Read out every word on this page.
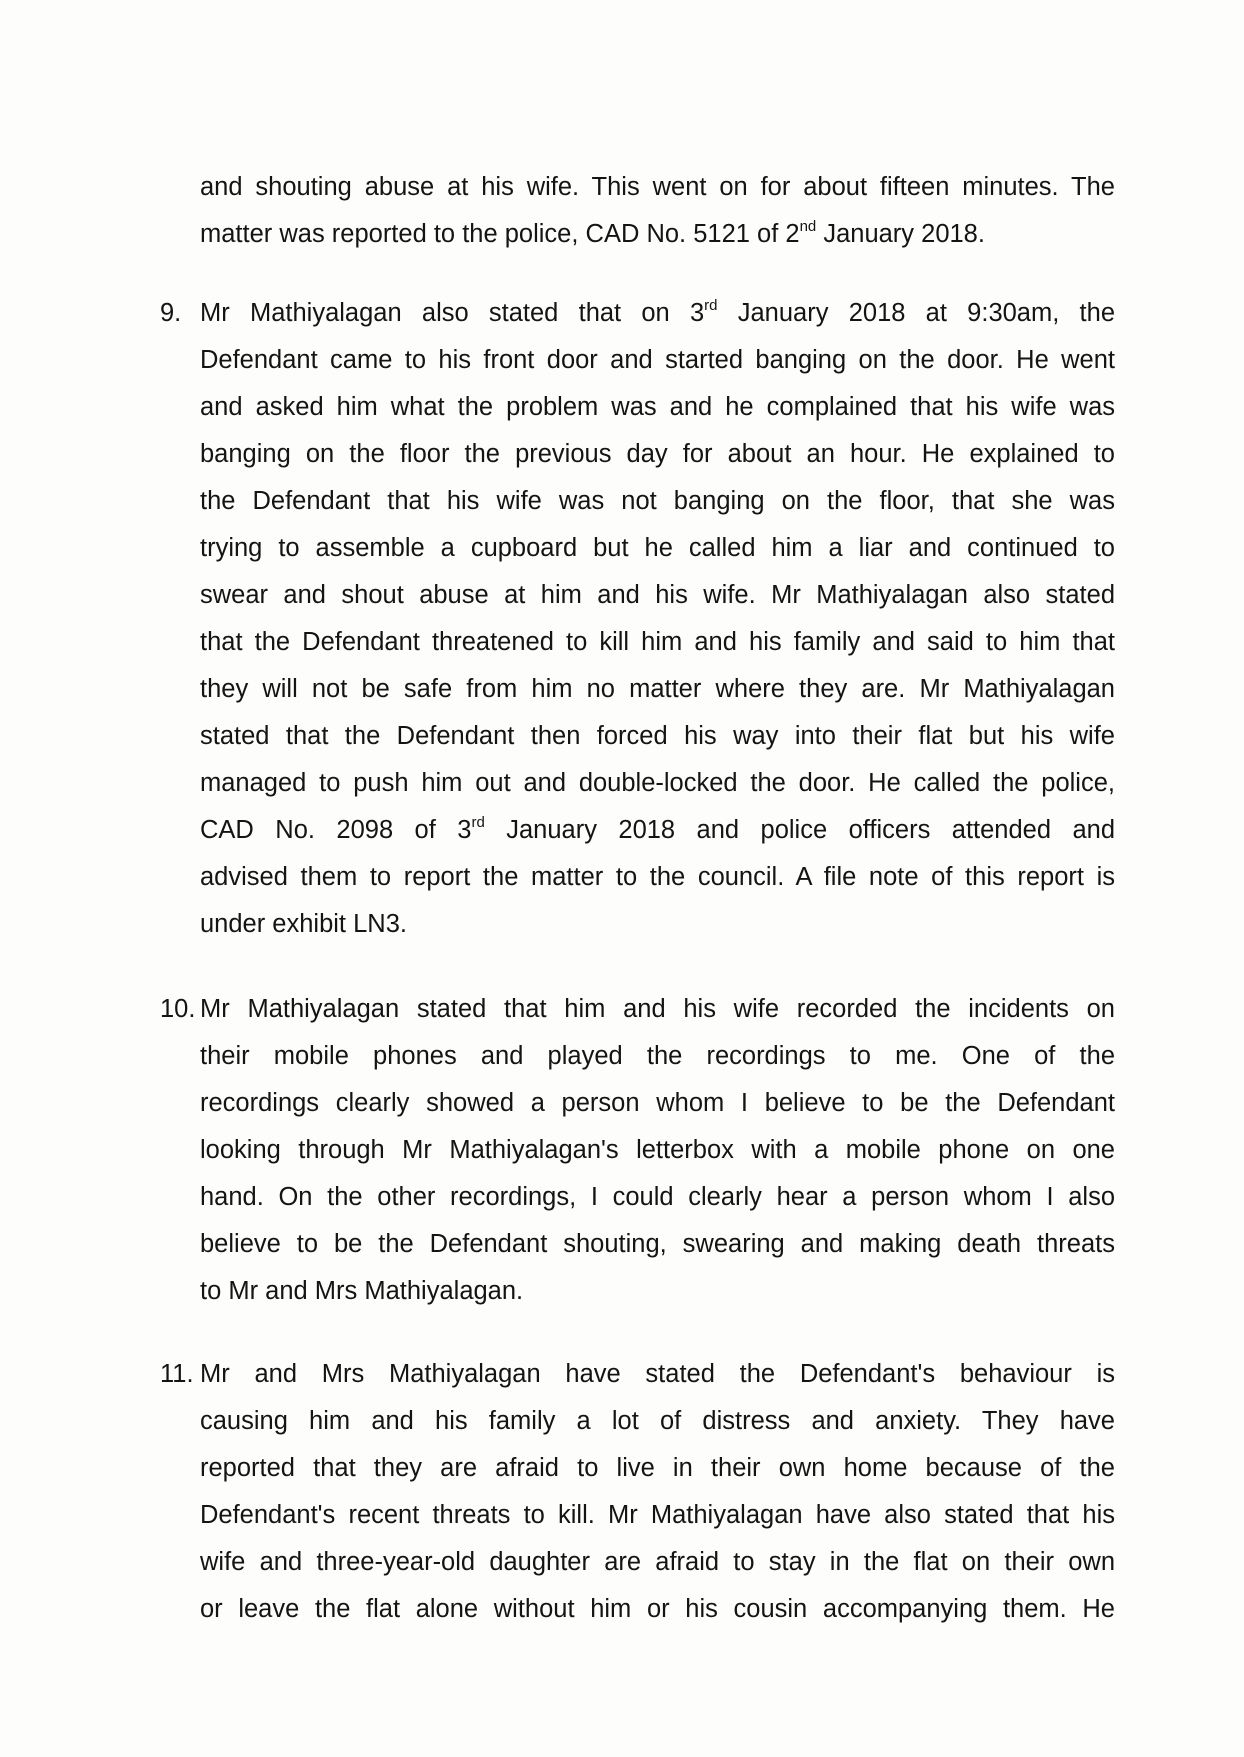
and shouting abuse at his wife. This went on for about fifteen minutes. The
matter was reported to the police, CAD No. 5121 of 2nd January 2018.
9. Mr Mathiyalagan also stated that on 3rd January 2018 at 9:30am, the
Defendant came to his front door and started banging on the door. He went
and asked him what the problem was and he complained that his wife was
banging on the floor the previous day for about an hour. He explained to
the Defendant that his wife was not banging on the floor, that she was
trying to assemble a cupboard but he called him a liar and continued to
swear and shout abuse at him and his wife. Mr Mathiyalagan also stated
that the Defendant threatened to kill him and his family and said to him that
they will not be safe from him no matter where they are. Mr Mathiyalagan
stated that the Defendant then forced his way into their flat but his wife
managed to push him out and double-locked the door. He called the police,
CAD No. 2098 of 3rd January 2018 and police officers attended and
advised them to report the matter to the council. A file note of this report is
under exhibit LN3.
10. Mr Mathiyalagan stated that him and his wife recorded the incidents on
their mobile phones and played the recordings to me. One of the
recordings clearly showed a person whom I believe to be the Defendant
looking through Mr Mathiyalagan's letterbox with a mobile phone on one
hand. On the other recordings, I could clearly hear a person whom I also
believe to be the Defendant shouting, swearing and making death threats
to Mr and Mrs Mathiyalagan.
11. Mr and Mrs Mathiyalagan have stated the Defendant's behaviour is
causing him and his family a lot of distress and anxiety. They have
reported that they are afraid to live in their own home because of the
Defendant's recent threats to kill. Mr Mathiyalagan have also stated that his
wife and three-year-old daughter are afraid to stay in the flat on their own
or leave the flat alone without him or his cousin accompanying them. He
